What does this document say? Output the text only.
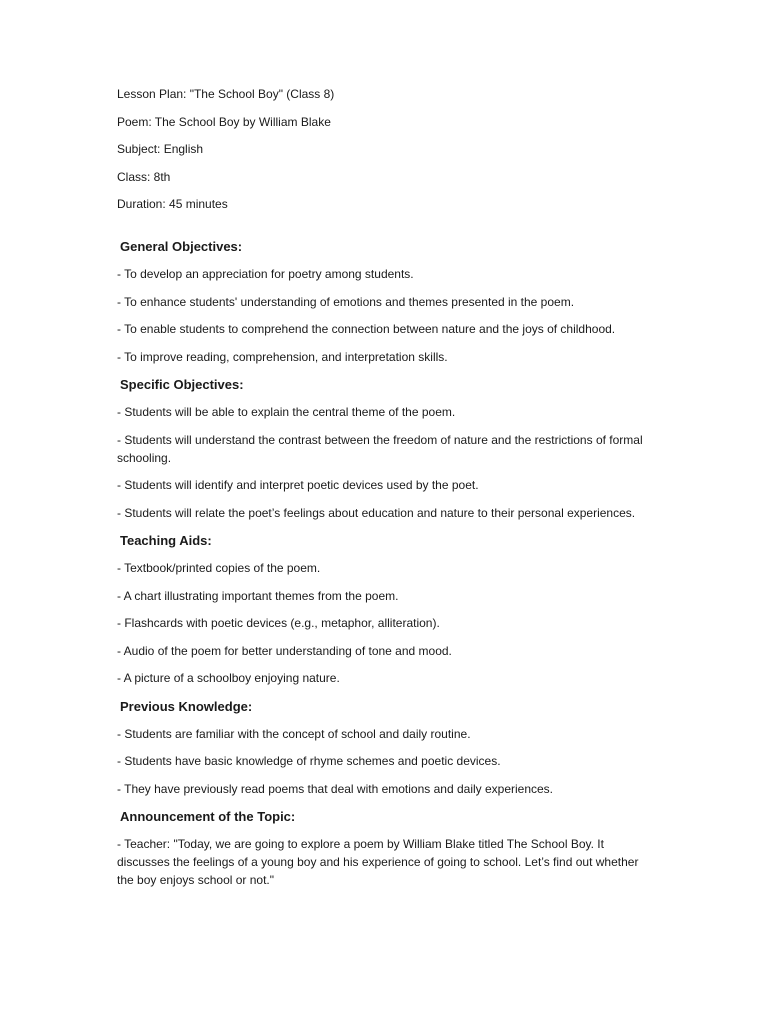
Lesson Plan: "The School Boy" (Class 8)

Poem: The School Boy by William Blake

Subject: English

Class: 8th

Duration: 45 minutes

General Objectives:

- To develop an appreciation for poetry among students.

- To enhance students' understanding of emotions and themes presented in the poem.

- To enable students to comprehend the connection between nature and the joys of childhood.

- To improve reading, comprehension, and interpretation skills.

Specific Objectives:

- Students will be able to explain the central theme of the poem.

- Students will understand the contrast between the freedom of nature and the restrictions of formal schooling.

- Students will identify and interpret poetic devices used by the poet.

- Students will relate the poet’s feelings about education and nature to their personal experiences.

Teaching Aids:

- Textbook/printed copies of the poem.

- A chart illustrating important themes from the poem.

- Flashcards with poetic devices (e.g., metaphor, alliteration).

- Audio of the poem for better understanding of tone and mood.

- A picture of a schoolboy enjoying nature.

Previous Knowledge:

- Students are familiar with the concept of school and daily routine.

- Students have basic knowledge of rhyme schemes and poetic devices.

- They have previously read poems that deal with emotions and daily experiences.

Announcement of the Topic:

- Teacher: "Today, we are going to explore a poem by William Blake titled The School Boy. It discusses the feelings of a young boy and his experience of going to school. Let’s find out whether the boy enjoys school or not."
